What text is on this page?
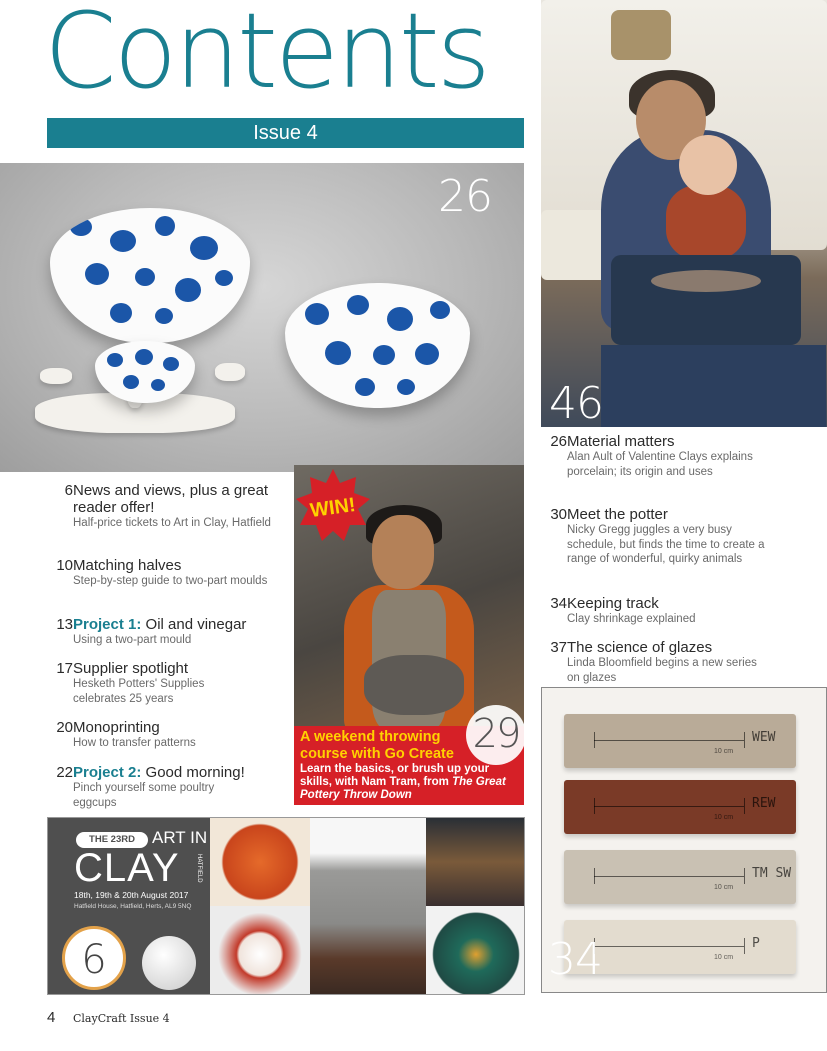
Contents
Issue 4
26
46
WIN!
A weekend throwing course with Go Create
Learn the basics, or brush up your skills, with Nam Tram, from The Great Pottery Throw Down
29
6 News and views, plus a great reader offer!
Half-price tickets to Art in Clay, Hatfield
10 Matching halves
Step-by-step guide to two-part moulds
13 Project 1: Oil and vinegar
Using a two-part mould
17 Supplier spotlight
Hesketh Potters' Supplies celebrates 25 years
20 Monoprinting
How to transfer patterns
22 Project 2: Good morning!
Pinch yourself some poultry eggcups
26 Material matters
Alan Ault of Valentine Clays explains porcelain; its origin and uses
30 Meet the potter
Nicky Gregg juggles a very busy schedule, but finds the time to create a range of wonderful, quirky animals
34 Keeping track
Clay shrinkage explained
37 The science of glazes
Linda Bloomfield begins a new series on glazes
THE 23RD	ART IN
CLAY	HATFIELD
18th, 19th & 20th August 2017
Hatfield House, Hatfield, Herts, AL9 5NQ
6
WEW
10 cm
REW
10 cm
TM SW
10 cm
P
10 cm
34
4 ClayCraft Issue 4
